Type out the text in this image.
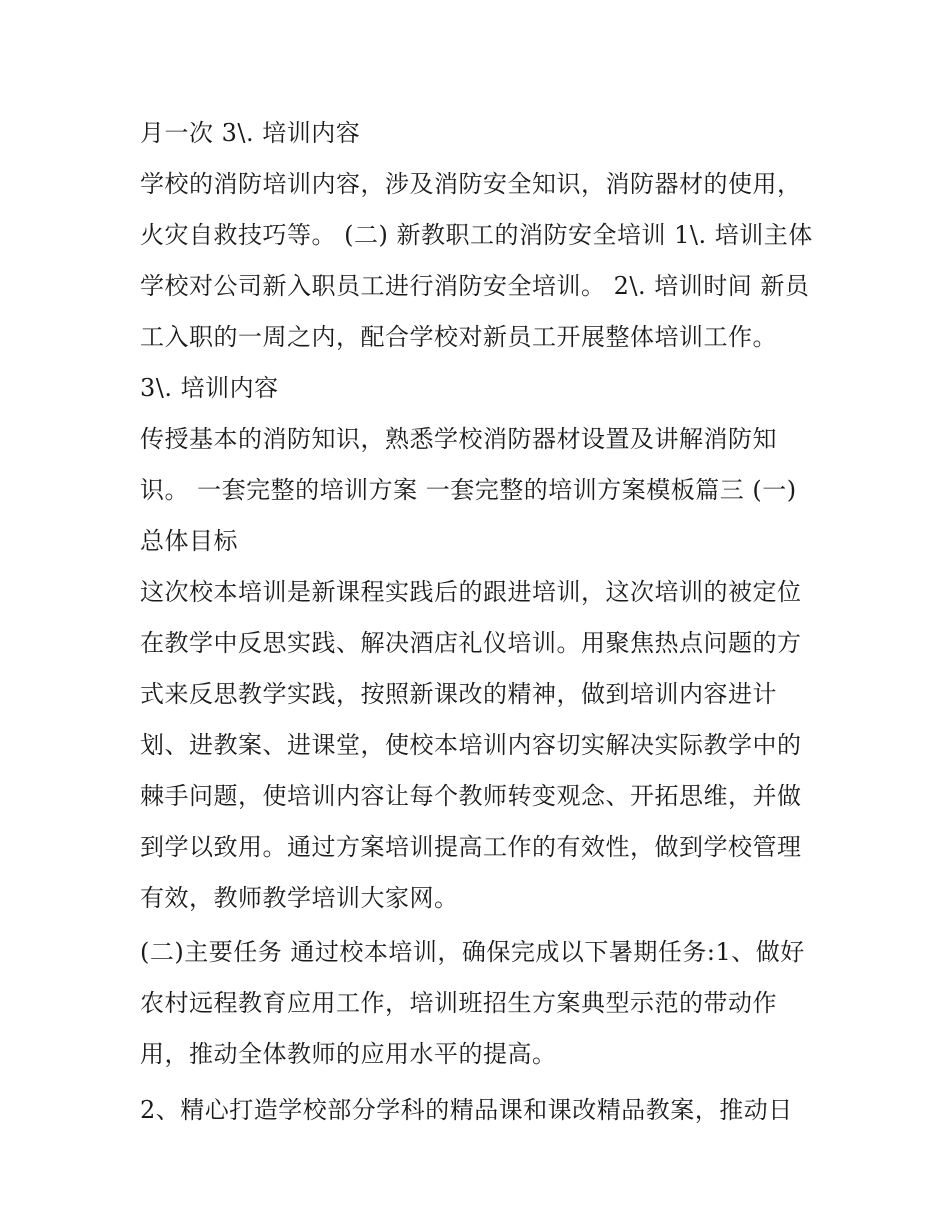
月一次 3\. 培训内容
学校的消防培训内容，涉及消防安全知识，消防器材的使用，
火灾自救技巧等。 (二) 新教职工的消防安全培训 1\. 培训主体
学校对公司新入职员工进行消防安全培训。 2\. 培训时间 新员
工入职的一周之内，配合学校对新员工开展整体培训工作。
3\. 培训内容
传授基本的消防知识，熟悉学校消防器材设置及讲解消防知
识。 一套完整的培训方案 一套完整的培训方案模板篇三 (一)
总体目标
这次校本培训是新课程实践后的跟进培训，这次培训的被定位
在教学中反思实践、解决酒店礼仪培训。用聚焦热点问题的方
式来反思教学实践，按照新课改的精神，做到培训内容进计
划、进教案、进课堂，使校本培训内容切实解决实际教学中的
棘手问题，使培训内容让每个教师转变观念、开拓思维，并做
到学以致用。通过方案培训提高工作的有效性，做到学校管理
有效，教师教学培训大家网。
(二)主要任务 通过校本培训，确保完成以下暑期任务:1、做好
农村远程教育应用工作，培训班招生方案典型示范的带动作
用，推动全体教师的应用水平的提高。
2、精心打造学校部分学科的精品课和课改精品教案，推动日
